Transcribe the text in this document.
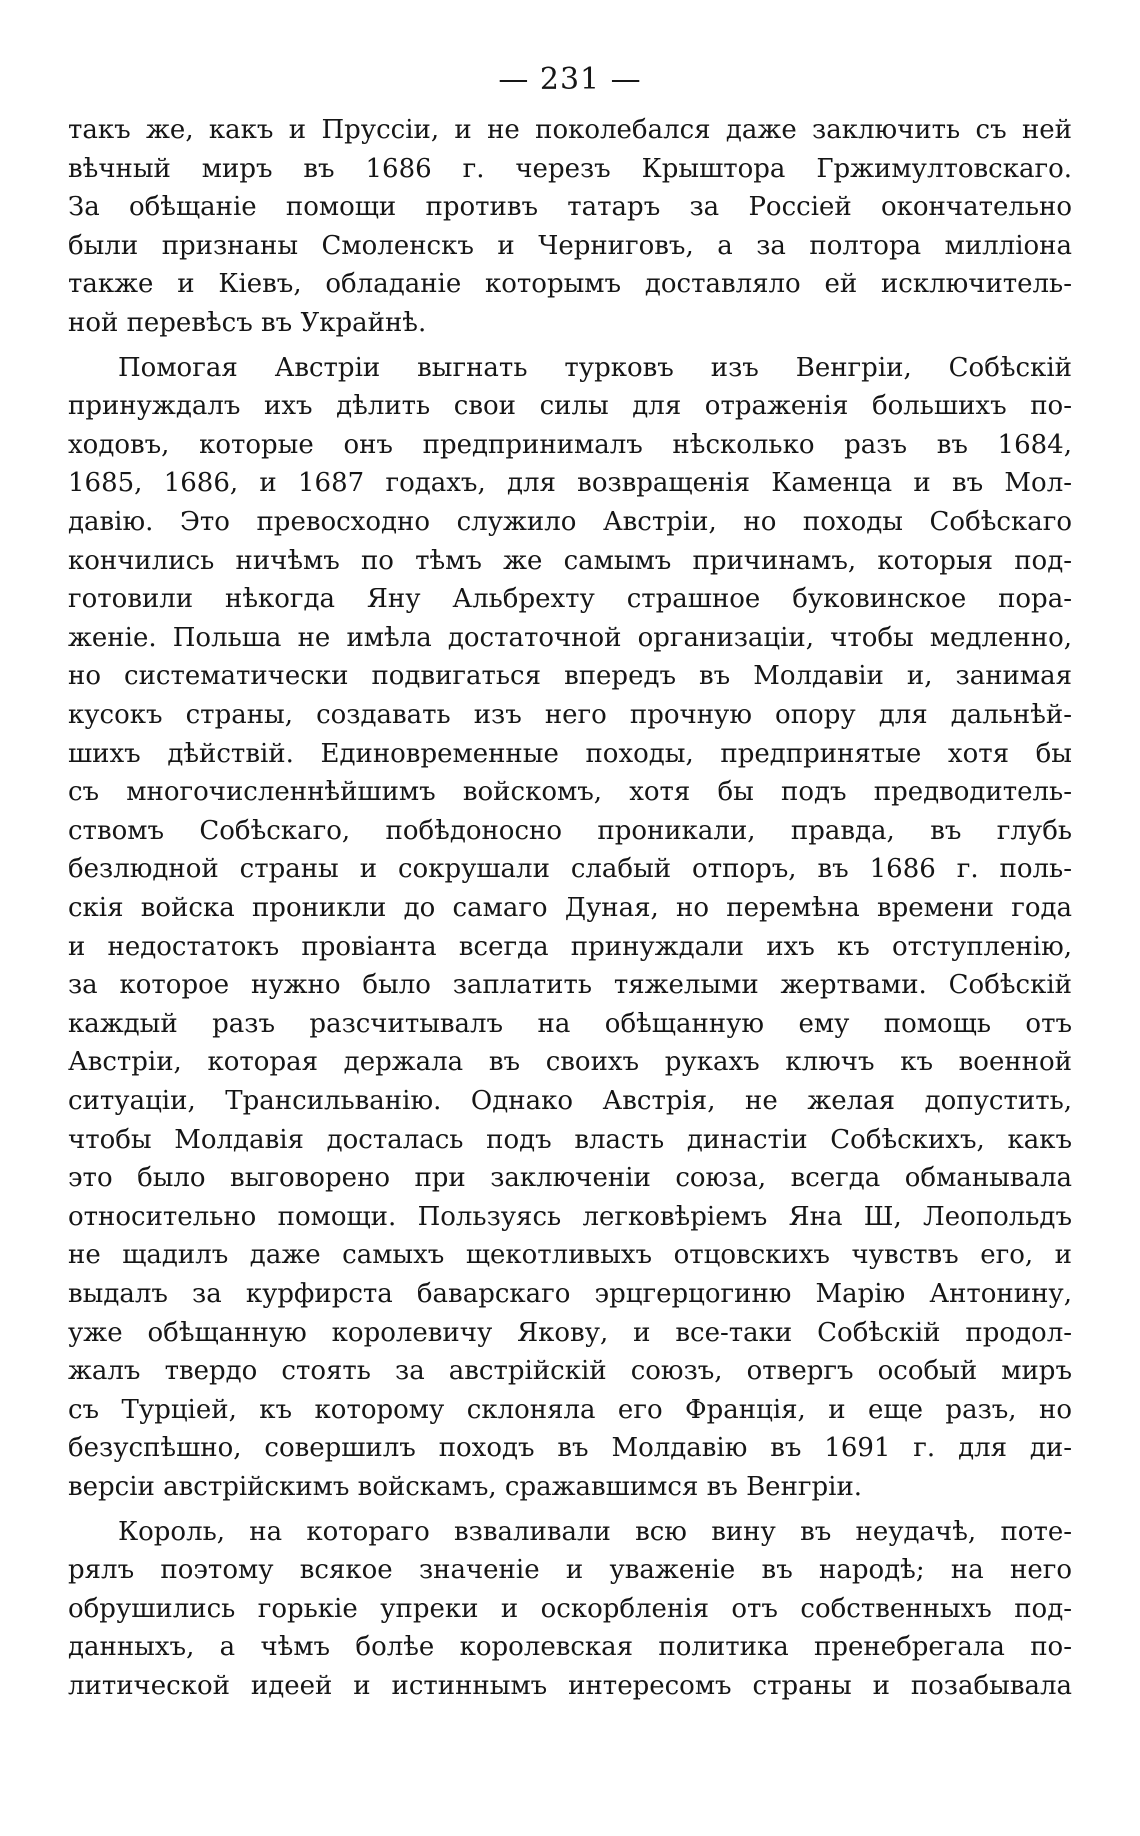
— 231 —
такъ же, какъ и Пруссіи, и не поколебался даже заключить съ ней
вѣчный миръ въ 1686 г. черезъ Крыштора Гржимултовскаго.
За обѣщаніе помощи противъ татаръ за Россіей окончательно
были признаны Смоленскъ и Черниговъ, а за полтора милліона
также и Кіевъ, обладаніе которымъ доставляло ей исключитель-
ной перевѣсъ въ Украйнѣ.
Помогая Австріи выгнать турковъ изъ Венгріи, Собѣскій
принуждалъ ихъ дѣлить свои силы для отраженія большихъ по-
ходовъ, которые онъ предпринималъ нѣсколько разъ въ 1684,
1685, 1686, и 1687 годахъ, для возвращенія Каменца и въ Мол-
давію. Это превосходно служило Австріи, но походы Собѣскаго
кончились ничѣмъ по тѣмъ же самымъ причинамъ, которыя под-
готовили нѣкогда Яну Альбрехту страшное буковинское пора-
женіе. Польша не имѣла достаточной организаціи, чтобы медленно,
но систематически подвигаться впередъ въ Молдавіи и, занимая
кусокъ страны, создавать изъ него прочную опору для дальнѣй-
шихъ дѣйствій. Единовременные походы, предпринятые хотя бы
съ многочисленнѣйшимъ войскомъ, хотя бы подъ предводитель-
ствомъ Собѣскаго, побѣдоносно проникали, правда, въ глубь
безлюдной страны и сокрушали слабый отпоръ, въ 1686 г. поль-
скія войска проникли до самаго Дуная, но перемѣна времени года
и недостатокъ провіанта всегда принуждали ихъ къ отступленію,
за которое нужно было заплатить тяжелыми жертвами. Собѣскій
каждый разъ разсчитывалъ на обѣщанную ему помощь отъ
Австріи, которая держала въ своихъ рукахъ ключъ къ военной
ситуаціи, Трансильванію. Однако Австрія, не желая допустить,
чтобы Молдавія досталась подъ власть династіи Собѣскихъ, какъ
это было выговорено при заключеніи союза, всегда обманывала
относительно помощи. Пользуясь легковѣріемъ Яна Ш, Леопольдъ
не щадилъ даже самыхъ щекотливыхъ отцовскихъ чувствъ его, и
выдалъ за курфирста баварскаго эрцгерцогиню Марію Антонину,
уже обѣщанную королевичу Якову, и все-таки Собѣскій продол-
жалъ твердо стоять за австрійскій союзъ, отвергъ особый миръ
съ Турціей, къ которому склоняла его Франція, и еще разъ, но
безуспѣшно, совершилъ походъ въ Молдавію въ 1691 г. для ди-
версіи австрійскимъ войскамъ, сражавшимся въ Венгріи.
Король, на котораго взваливали всю вину въ неудачѣ, поте-
рялъ поэтому всякое значеніе и уваженіе въ народѣ; на него
обрушились горькіе упреки и оскорбленія отъ собственныхъ под-
данныхъ, а чѣмъ болѣе королевская политика пренебрегала по-
литической идеей и истиннымъ интересомъ страны и позабывала
